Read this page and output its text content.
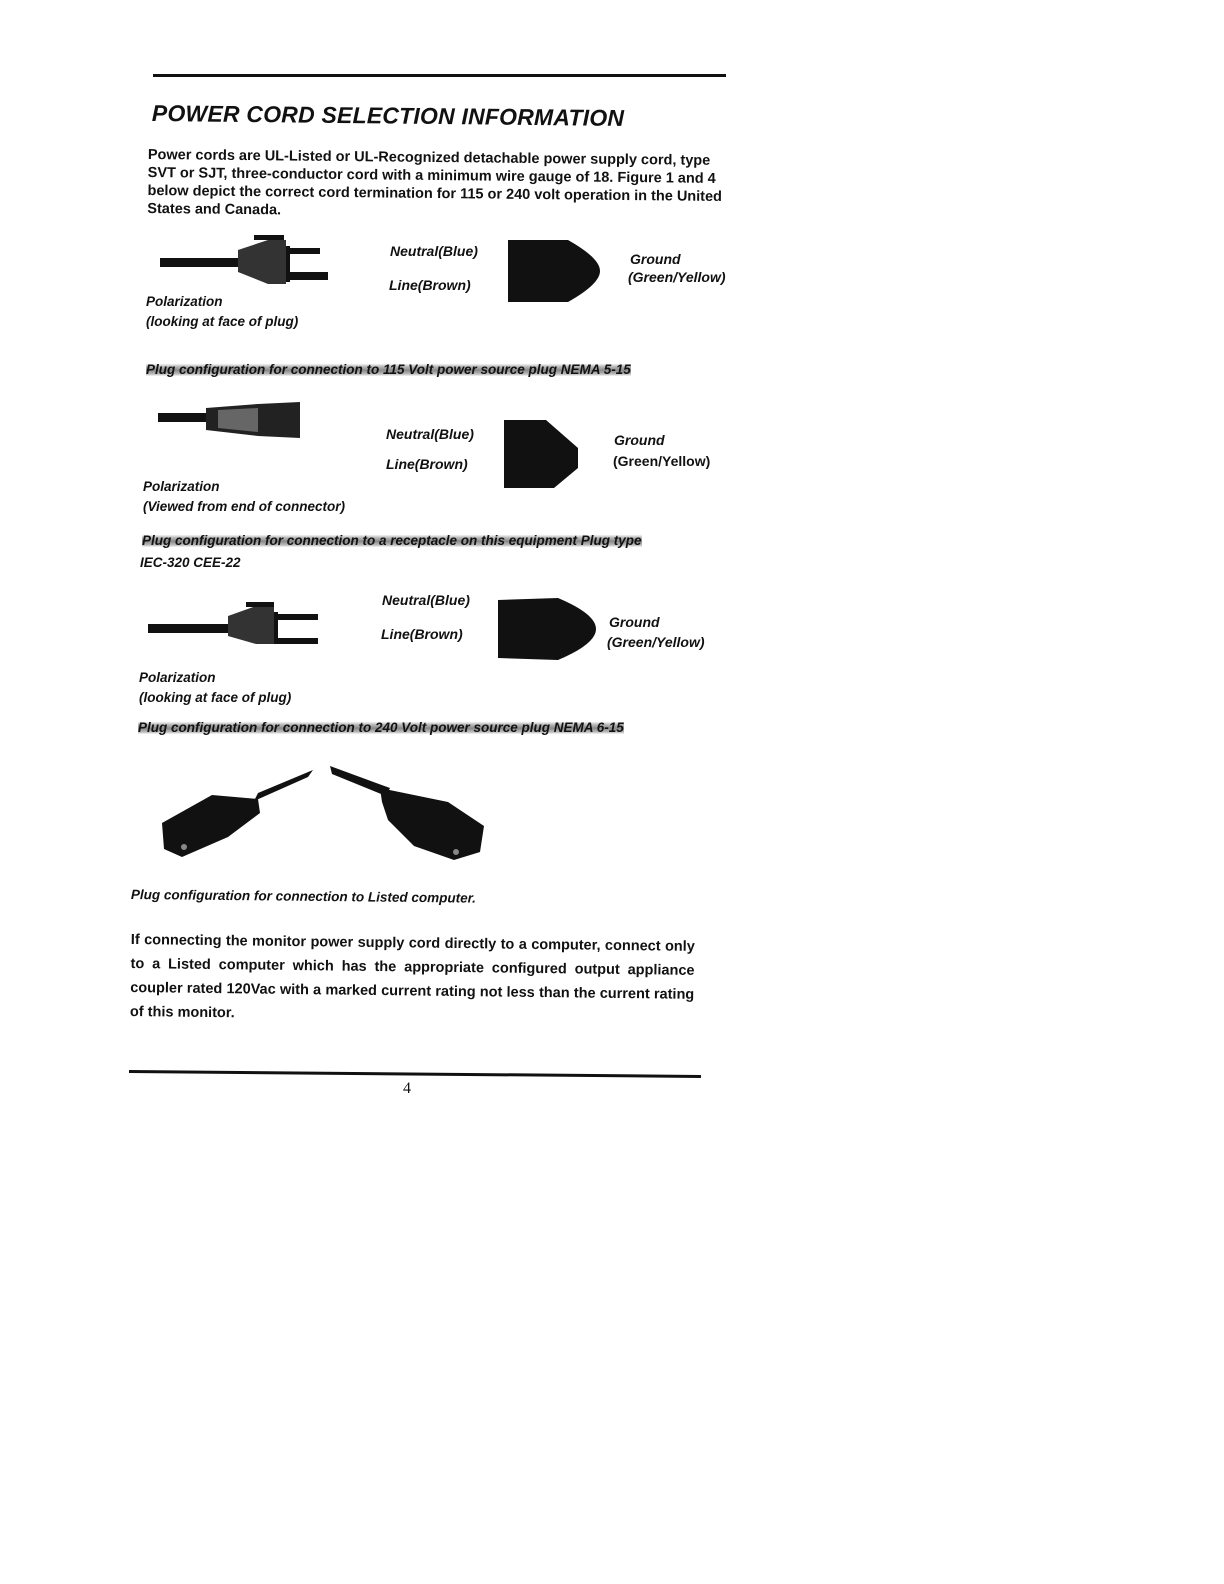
POWER CORD SELECTION INFORMATION
Power cords are UL-Listed or UL-Recognized detachable power supply cord, type SVT or SJT, three-conductor cord with a minimum wire gauge of 18. Figure 1 and 4 below depict the correct cord termination for 115 or 240 volt operation in the United States and Canada.
Neutral(Blue)
Line(Brown)
Ground
(Green/Yellow)
Polarization
(looking at face of plug)
Plug configuration for connection to 115 Volt power source plug NEMA 5-15
Neutral(Blue)
Line(Brown)
Ground
(Green/Yellow)
Polarization
(Viewed from end of connector)
Plug configuration for connection to a receptacle on this equipment Plug type
IEC-320 CEE-22
Neutral(Blue)
Line(Brown)
Ground
(Green/Yellow)
Polarization
(looking at face of plug)
Plug configuration for connection to 240 Volt power source plug NEMA 6-15
Plug configuration for connection to Listed computer.
If connecting the monitor power supply cord directly to a computer, connect only to a Listed computer which has the appropriate configured output appliance coupler rated 120Vac with a marked current rating not less than the current rating of this monitor.
4
